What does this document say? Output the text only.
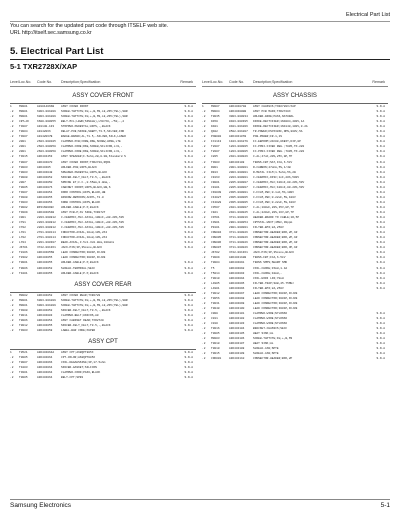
Electrical Part List
You can search for the updated part code through ITSELF web site.
URL http://itself.sec.samsung.co.kr
5. Electrical Part List
5-1 TXR2728X/XAP
Level Loc.No.	Code No.	Description;Specification	Remark
ASSY COVER FRONT
1	M0001	A01814066B	ASSY COVER FRONT	S.N.A
.2	M0001	6003-001089	SCREW-TAPTITE;FH,+,B,M3,L8,ZPC(YEL),SWR	S.N.A
.2	M0001	6003-001089	SCREW-TAPTITE;FH,+,B,M3,L8,ZPC(YEL),SWR	S.N.A
.2	CRT+CF	6600-000055	BELT-MCL;LEWK(SINGLE),L50/50,-/50,-,2	S.N.A
.2	T3007	A91140-133	STOPPER-PEDESTAL;HIPS,-,BLACK	S.N.A
.2	T0004	A9142066	RELAY-PCB;SPADE,SWEPT,T3.5,SILVER,FOR	S.N.A
.2	T3007	A9142067B	BADGE-BRAND;AL,T1.5,-SILVER,SILK,LASER	S.N.A
.2	2001	2603-000105	CLAMPER-PCB;CORE,RKE,SCREW,HOSE,LTE	S.N.A
.2	2001	2603-000058	CLAMPER-CORE;RKE,SCREW,SILICON,L=0,-	S.N.A
.2	2001	2603-000058	CLAMPER-CORE;RKE,SCREW,SILICON,L=0,-	S.N.A
.2	T3015	A96434453	ASSY SPEAKER;F.5ohm,2W,8.0W,Standard S	S.N.A
.2	T0007	A96434070	ASSY COVER FRONT;TXR2728,RQR1	S.N.A
.2	T0003	A9643405	HOLDER-PCB;HIPS,BLACK	S.N.A
.2	T0003	A96434048	SPEAKER-PEDESTAL;HIPS,BLACK	S.N.A
.2	T0008	A96434052	SPACER-FELT_FELT,T0.5,-,BLACK	S.N.A
.2	2007	A96434050	SPRING ET;C.C.,0.55mm,0.8mm,-	S.N.A
.2	T0005	A96434076	CABINET FRONT;HIPS,BLACK,HB,S	S.N.A
.2	T3007	A96434054	DOOR CONTROL;HIPS,BLACK,HB	S.N.A
.2	T3008	A96434055	WINDOW-REMOCON;ACRYL,T2.0	S.N.A
.2	T3003	A96434056	KNOB CONTROL;HIPS,BLACK	S.N.A
.2	T0002	BP4160099C	HOLDER-CABLE;P.P,BLACK	S.N.A
.2	T3009	A96434054B	ASSY PCB-P;AV SIDE,TXR2727	S.N.A
.2	C001	2203-000812	C-CERAMIC,MLC-AXIAL,100nF,+80-20%,50V	S.N.A
.2	C791	2203-000812	C-CERAMIC,MLC-AXIAL,100nF,+80-20%,50V	S.N.A
.2	C702	2203-000812	C-CERAMIC,MLC-AXIAL,100nF,+80-20%,50V	S.N.A
.2	L701	2701-000114	INDUCTOR-AXIAL,10uH,10%,2X4	S.N.A
.2	L702	2701-000114	INDUCTOR-AXIAL,10uH,10%,2X4	S.N.A
.2	L704	2201-000387	BEAD-AXIAL,3.5x1.3x0.8mm,100ohm	S.N.A
.2	JK701	3722-001361	JACK-PIN;3P,3Scene,BLACK	S.N.A
.2	T0106	A96434055B	LEAD CONNECTOR;3001P,FFJ09
.2	T0302	A96434055	LEAD CONNECTOR;3001P,FFJ09
.2	T0001	A96434055	HOLDER-CABLE;P.P,BLACK	S.N.A
.2	T0006	A96434052	SHIELD-TERMINAL;SECC	S.N.A
.2	T1001	A96434055	HOLDER-CABLE;P.P,BLACK	S.N.A
ASSY COVER REAR
1	M0002	A96434052	ASSY COVER REAR;TXR2728	S.N.A
.2	M0001	6003-001089	SCREW-TAPTITE;FH,+,B,M3,L8,ZPC(YEL),SWR	S.N.A
.2	M0001	6003-001089	SCREW-TAPTITE;FH,+,B,M3,L8,ZPC(YEL),SWR	S.N.A
.2	T3008	A96434052	SPACER-FELT_FELT,T0.5,-,BLACK	S.N.A
.2	T0011	A96434083	CLAMPER-BELT;UNICOS,A8	S.N.A
.2	T0006	A96434054	ASSY CABINET REAR;TXR2728	S.N.A
.2	T0012	A96434055	SPACER-FELT_FELT,T0.5,-,BLACK	S.N.A
.2	T3003	A96434058	LABEL-BAR CODE;PAPER	S.N.A
ASSY CPT
1	T0521	A96434064A	ASSY CPT;A68QPT885X	S.N.A
.2	T0005	A96434064	CPT-COLOR;A68QPT885X	S.N.A
.2	T0007	A96434066	COIL-DEGAUSSING;3P,17.5ohm	S.N.A
.2	T1003	A96434064	SPACER-GASKET;SILICON	S.N.A
.2	T3001	A96434064	CLAMPER-CORD;PA66,BLACK	S.N.A
.2	T0005	A96434064	BELT-CPT;SPR2	S.N.A
Level Loc.No.	Code No.	Description;Specification	Remark
ASSY CHASSIS
1	M0007	A96434071B	ASSY CHASSIS;TXR2728X/XAP	S.N.A
.2	M0004	A96434080B	ASSY PCB MAIN;TXR2728X	S.N.A
.2	T0035	3003-000034	HOLDER-WIRE;PA66,NATURAL	S.N.A
.2	D458	0403-000395	DIODE-RECTIFIER;1N4004,400V,1A	S.N.A
.2	D401	0401-001006	DIODE-RECTIFIER;1N4148,100V,0.2A	S.N.A
.2	Q402	0502-001007	TR-POWER;KSC5386F,NPN,800V,5A	S.N.A
.2	PCB002	A96434107B	PCB-POWER;FR-1,1S	S.N.A
.2	IC1113	1103-001079	IC-EEPROM;24C08,8KBIT,DIP,8P	S.N.A
.2	T2007	1203-000085	IC-POSI.FIXED REG.;7805,TO-220	S.N.A
.2	T2007	1203-000085	IC-POSI.FIXED REG.;7805,TO-220	S.N.A
.2	C205	2401-000026	C-AL;47uF,20%,25V,GP,TP	S.N.A
.2	T3003	A96434108	TRANS-FBT;SAT,FCA,6.5kV	S.N.A
.2	R001	2001-000001	R-CARBON;47ohm,5%,1/4W	S.N.A
.2	R913	2003-000001	R-METAL FILM;1.5ohm,5%,2W	S.N.A
.2	C9163	2203-000001	C-CERAMIC,DISC;1nF,20%,500V	S.N.A
.2	C9001	2205-000007	C-CERAMIC,MLC;100nF,80-20%,50V	S.N.A
.2	C9101	2205-000007	C-CERAMIC,MLC;100nF,80-20%,50V	S.N.A
.2	CF0038	2305-000001	C-FILM,PEF;0.1uF,5%,100V	S.N.A
.2	CF4027	2305-000005	C-FILM,PEF;0.22uF,5%,100V	S.N.A
.2	CF4028	2305-000005	C-FILM,PEF;0.22uF,5%,100V	S.N.A
.2	C3507	2401-000007	C-AL;100uF,20%,35V,GP,TP	S.N.A
.2	C921	2401-000025	C-AL;220uF,20%,16V,GP,TP	S.N.A
.2	CN701	3711-000016	HEADER-BOARD TO CABLE;1R,5P	S.N.A
.2	I3901	2801-000054	CRYSTAL-UNIT;4MHz,30ppm	S.N.A
.2	P9101	2901-000001	FILTER-EMI;2A,250V	S.N.A
.2	CN9004	3711-000026	CONNECTOR-HEADER;BOX,2P,1R	S.N.A
.2	CN9005	3711-000026	CONNECTOR-HEADER;BOX,2P,1R	S.N.A
.2	CN9006	3711-000026	CONNECTOR-HEADER;BOX,2P,1R	S.N.A
.2	CN9007	3711-000026	CONNECTOR-HEADER;BOX,3P,1R	S.N.A
.2	JK702	3722-001361	JACK-PIN;3P,3Scene,BLACK	S.N.A
.2	T0009	A96434110B	TRANS-FBT;FCA,6.5kV	S.N.A
.2	T0004	A96434091	TRANS SMPS;SHARP SMD	S.N.A
.2	T5	A96434092	COIL-CHOKE;15mH,1.4A	S.N.A
.2	T5014	A96434093	COIL-CHOKE;10mH,-	S.N.A
.2	T0010	A96434094	COIL-HORI LIN;70uH	S.N.A
.2	L4905	A96434095	FILTER-TRAP;SAW,45.75MHz	S.N.A
.2	L4901	A96434096	FILTER-EMI;2A,250V	S.N.A
.2	T0012	A96434097	LEAD CONNECTOR;3001P,FFJ09
.2	T0056	A96434098	LEAD CONNECTOR;3001P,FFJ09
.2	T0031	A96434099	LEAD CONNECTOR;3001P,FFJ09
.2	T0048	A96434100	LEAD CONNECTOR;3001P,FFJ09
.2	C008	A96434101	CLAMPER-WIRE;NYLON66	S.N.A
.2	C011	A96434102	CLAMPER-WIRE;NYLON66	S.N.A
.2	C010	A96434103	CLAMPER-WIRE;NYLON66	S.N.A
.2	T0016	A96434104	BRACKET-CHASSIS;SECC	S.N.A
.2	T0005	A96434105	HEAT SINK;AL	S.N.A
.2	M0003	A96434106	SCREW-TAPTITE;FH,+,B,M3	S.N.A
.2	T0018	A96434107	HEAT SINK;AL	S.N.A
.2	T0010	A96434108	SHIELD-CAN;SPTE	S.N.A
.2	T0015	A96434109	SHIELD-CAN;SPTE	S.N.A
.2	CN6001	A96434110	CONNECTOR-HEADER;BOX,2P	S.N.A
Samsung Electronics	5-1
